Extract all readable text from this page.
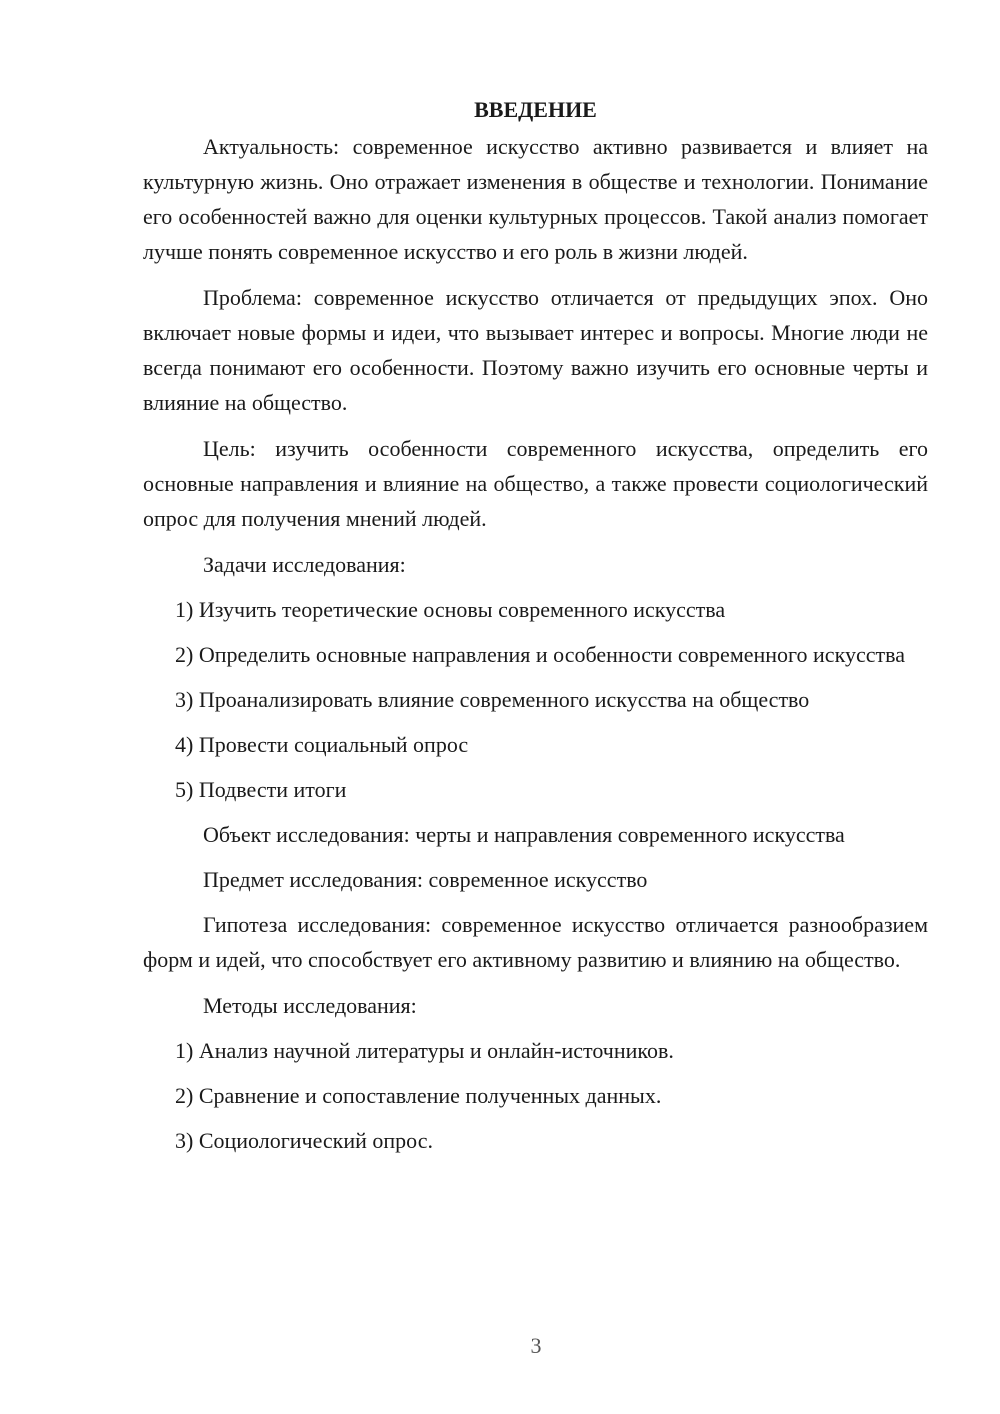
ВВЕДЕНИЕ

Актуальность: современное искусство активно развивается и влияет на культурную жизнь. Оно отражает изменения в обществе и технологии. Понимание его особенностей важно для оценки культурных процессов. Такой анализ помогает лучше понять современное искусство и его роль в жизни людей.

Проблема: современное искусство отличается от предыдущих эпох. Оно включает новые формы и идеи, что вызывает интерес и вопросы. Многие люди не всегда понимают его особенности. Поэтому важно изучить его основные черты и влияние на общество.

Цель: изучить особенности современного искусства, определить его основные направления и влияние на общество, а также провести социологический опрос для получения мнений людей.

Задачи исследования:

1) Изучить теоретические основы современного искусства

2) Определить основные направления и особенности современного искусства

3) Проанализировать влияние современного искусства на общество

4) Провести социальный опрос

5) Подвести итоги

Объект исследования: черты и направления современного искусства

Предмет исследования: современное искусство

Гипотеза исследования: современное искусство отличается разнообразием форм и идей, что способствует его активному развитию и влиянию на общество.

Методы исследования:

1) Анализ научной литературы и онлайн-источников.

2) Сравнение и сопоставление полученных данных.

3) Социологический опрос.

3
